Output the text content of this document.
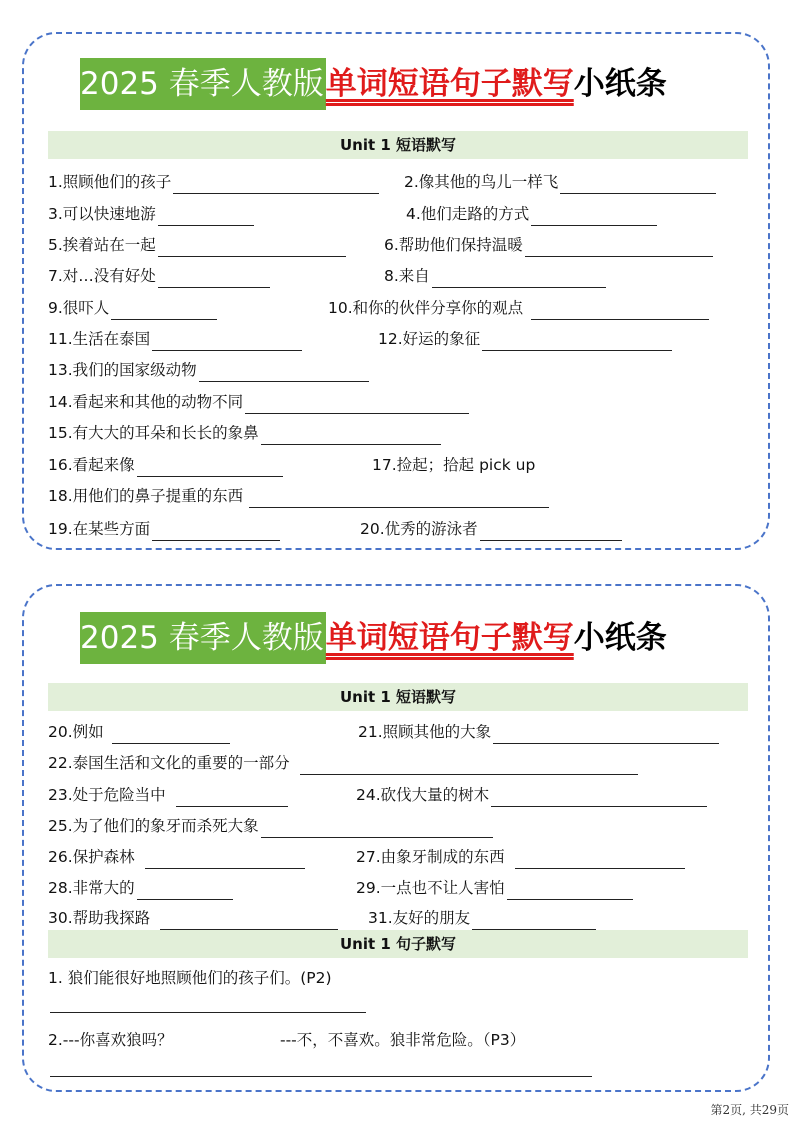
2025 春季人教版 单词短语句子默写 小纸条
Unit 1 短语默写
1.照顾他们的孩子	2.像其他的鸟儿一样飞
3.可以快速地游	4.他们走路的方式
5.挨着站在一起	6.帮助他们保持温暖
7.对…没有好处	8.来自
9.很吓人	10.和你的伙伴分享你的观点
11.生活在泰国	12.好运的象征
13.我们的国家级动物
14.看起来和其他的动物不同
15.有大大的耳朵和长长的象鼻
16.看起来像	17.捡起；拾起 pick up
18.用他们的鼻子提重的东西
19.在某些方面	20.优秀的游泳者
2025 春季人教版 单词短语句子默写 小纸条
Unit 1 短语默写
20.例如	21.照顾其他的大象
22.泰国生活和文化的重要的一部分
23.处于危险当中	24.砍伐大量的树木
25.为了他们的象牙而杀死大象
26.保护森林	27.由象牙制成的东西
28.非常大的	29.一点也不让人害怕
30.帮助我探路	31.友好的朋友
Unit 1 句子默写
1. 狼们能很好地照顾他们的孩子们。(P2)
2.---你喜欢狼吗？	---不，不喜欢。狼非常危险。（P3）
第2页, 共29页
